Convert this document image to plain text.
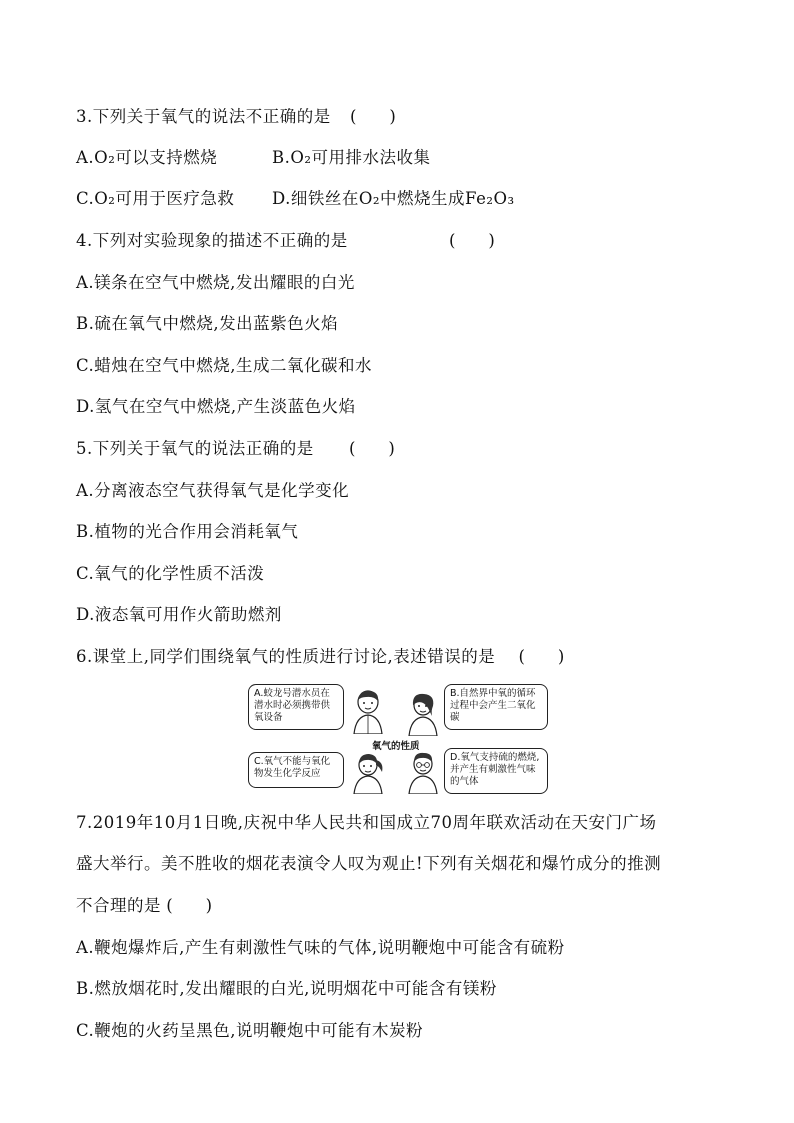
3.下列关于氧气的说法不正确的是 (　　)
A.O₂可以支持燃烧	B.O₂可用排水法收集
C.O₂可用于医疗急救 D.细铁丝在O₂中燃烧生成Fe₂O₃
4.下列对实验现象的描述不正确的是	(　　)
A.镁条在空气中燃烧,发出耀眼的白光
B.硫在氧气中燃烧,发出蓝紫色火焰
C.蜡烛在空气中燃烧,生成二氧化碳和水
D.氢气在空气中燃烧,产生淡蓝色火焰
5.下列关于氧气的说法正确的是 (　　)
A.分离液态空气获得氧气是化学变化
B.植物的光合作用会消耗氧气
C.氧气的化学性质不活泼
D.液态氧可用作火箭助燃剂
6.课堂上,同学们围绕氧气的性质进行讨论,表述错误的是 (　　)
A.蛟龙号潜水员在潜水时必须携带供氧设备
B.自然界中氧的循环过程中会产生二氧化碳
C.氧气不能与氧化物发生化学反应
D.氧气支持硫的燃烧,并产生有刺激性气味的气体
氧气的性质
7.2019年10月1日晚,庆祝中华人民共和国成立70周年联欢活动在天安门广场
盛大举行。美不胜收的烟花表演令人叹为观止!下列有关烟花和爆竹成分的推测
不合理的是 (　　)
A.鞭炮爆炸后,产生有刺激性气味的气体,说明鞭炮中可能含有硫粉
B.燃放烟花时,发出耀眼的白光,说明烟花中可能含有镁粉
C.鞭炮的火药呈黑色,说明鞭炮中可能有木炭粉
